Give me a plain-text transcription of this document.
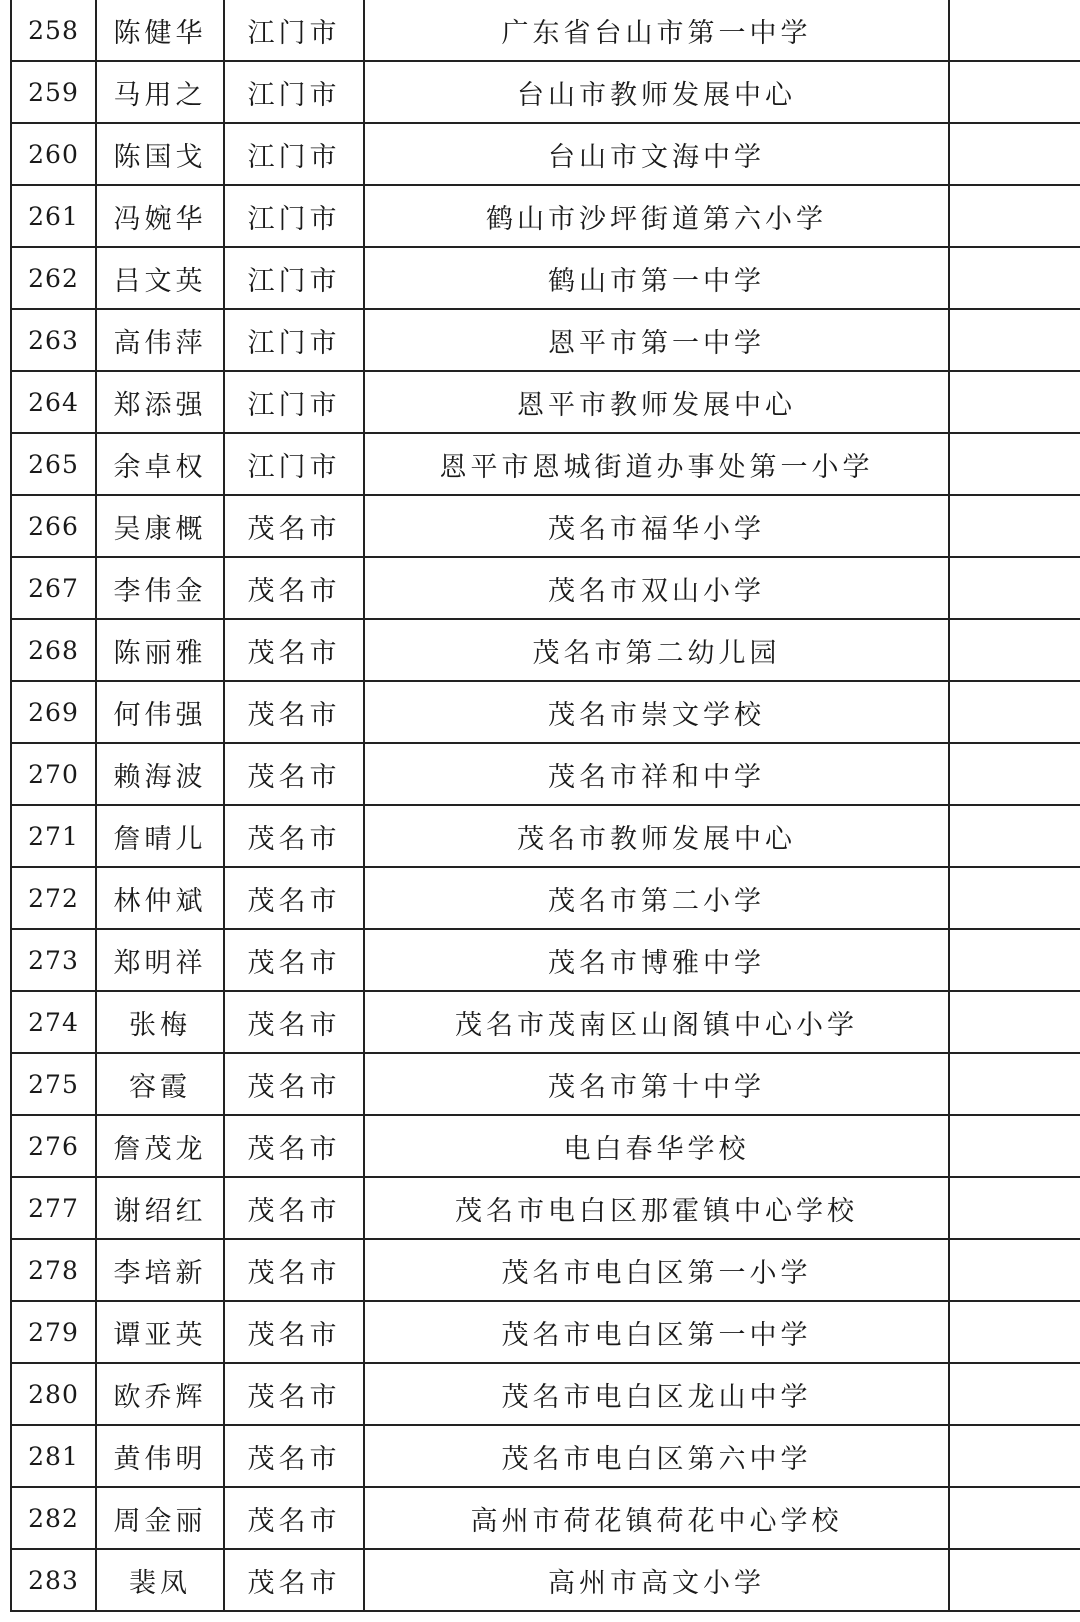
258	陈健华	江门市	广东省台山市第一中学	
259	马用之	江门市	台山市教师发展中心	
260	陈国戈	江门市	台山市文海中学	
261	冯婉华	江门市	鹤山市沙坪街道第六小学	
262	吕文英	江门市	鹤山市第一中学	
263	高伟萍	江门市	恩平市第一中学	
264	郑添强	江门市	恩平市教师发展中心	
265	余卓权	江门市	恩平市恩城街道办事处第一小学	
266	吴康概	茂名市	茂名市福华小学	
267	李伟金	茂名市	茂名市双山小学	
268	陈丽雅	茂名市	茂名市第二幼儿园	
269	何伟强	茂名市	茂名市崇文学校	
270	赖海波	茂名市	茂名市祥和中学	
271	詹晴儿	茂名市	茂名市教师发展中心	
272	林仲斌	茂名市	茂名市第二小学	
273	郑明祥	茂名市	茂名市博雅中学	
274	张梅	茂名市	茂名市茂南区山阁镇中心小学	
275	容霞	茂名市	茂名市第十中学	
276	詹茂龙	茂名市	电白春华学校	
277	谢绍红	茂名市	茂名市电白区那霍镇中心学校	
278	李培新	茂名市	茂名市电白区第一小学	
279	谭亚英	茂名市	茂名市电白区第一中学	
280	欧乔辉	茂名市	茂名市电白区龙山中学	
281	黄伟明	茂名市	茂名市电白区第六中学	
282	周金丽	茂名市	高州市荷花镇荷花中心学校	
283	裴凤	茂名市	高州市高文小学	
